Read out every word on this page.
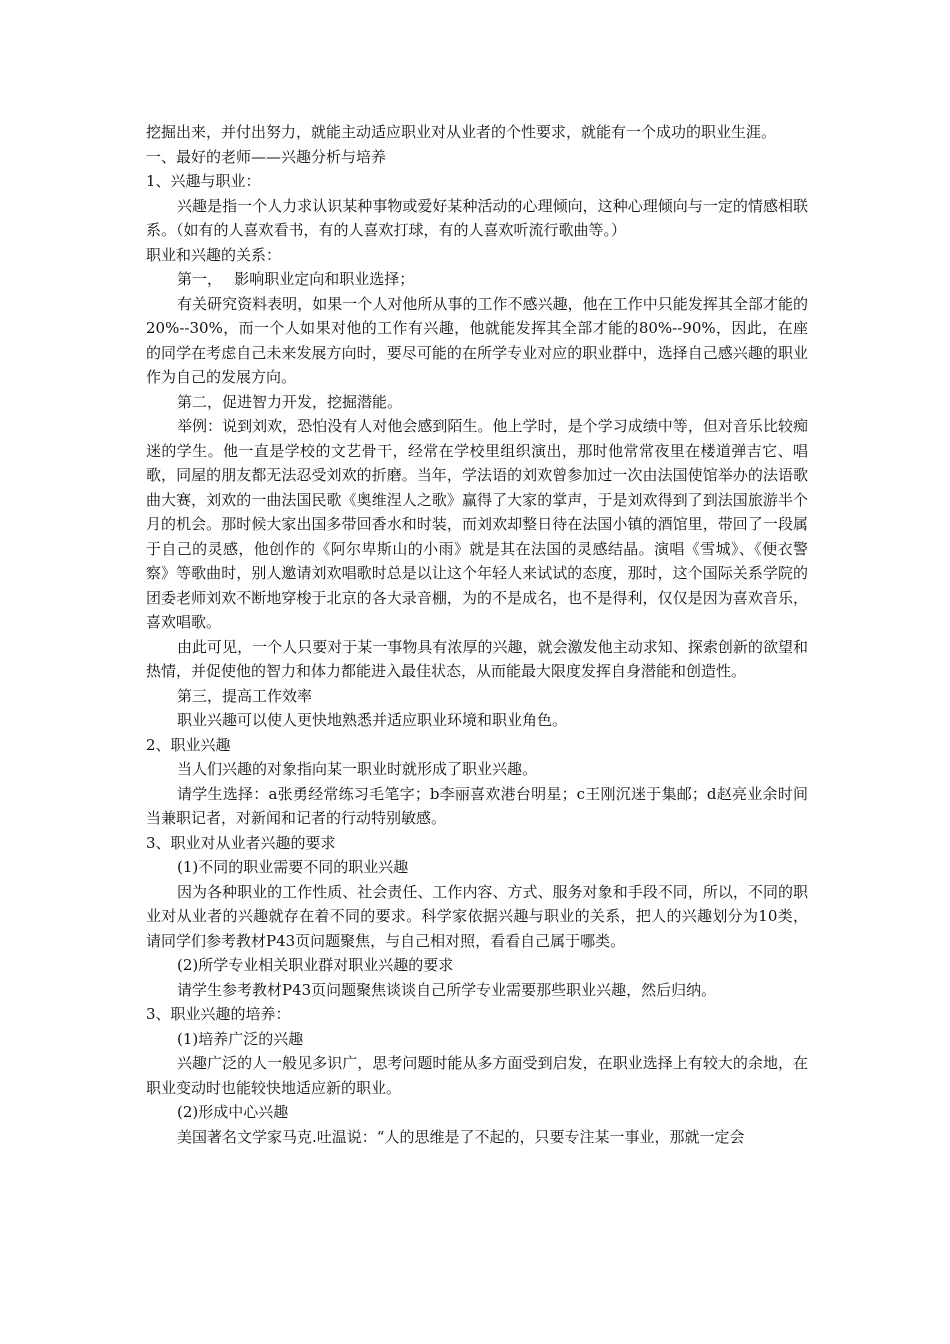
挖掘出来，并付出努力，就能主动适应职业对从业者的个性要求，就能有一个成功的职业生涯。

一、最好的老师——兴趣分析与培养

1、兴趣与职业：

兴趣是指一个人力求认识某种事物或爱好某种活动的心理倾向，这种心理倾向与一定的情感相联系。（如有的人喜欢看书，有的人喜欢打球，有的人喜欢听流行歌曲等。）

职业和兴趣的关系：

第一，　 影响职业定向和职业选择；

有关研究资料表明，如果一个人对他所从事的工作不感兴趣，他在工作中只能发挥其全部才能的20%--30%，而一个人如果对他的工作有兴趣，他就能发挥其全部才能的80%--90%，因此，在座的同学在考虑自己未来发展方向时，要尽可能的在所学专业对应的职业群中，选择自己感兴趣的职业作为自己的发展方向。

第二，促进智力开发，挖掘潜能。

举例：说到刘欢，恐怕没有人对他会感到陌生。他上学时，是个学习成绩中等，但对音乐比较痴迷的学生。他一直是学校的文艺骨干，经常在学校里组织演出，那时他常常夜里在楼道弹吉它、唱歌，同屋的朋友都无法忍受刘欢的折磨。当年，学法语的刘欢曾参加过一次由法国使馆举办的法语歌曲大赛，刘欢的一曲法国民歌《奥维涅人之歌》赢得了大家的掌声，于是刘欢得到了到法国旅游半个月的机会。那时候大家出国多带回香水和时装，而刘欢却整日待在法国小镇的酒馆里，带回了一段属于自己的灵感，他创作的《阿尔卑斯山的小雨》就是其在法国的灵感结晶。演唱《雪城》、《便衣警察》等歌曲时，别人邀请刘欢唱歌时总是以让这个年轻人来试试的态度，那时，这个国际关系学院的团委老师刘欢不断地穿梭于北京的各大录音棚，为的不是成名，也不是得利，仅仅是因为喜欢音乐，喜欢唱歌。

由此可见，一个人只要对于某一事物具有浓厚的兴趣，就会激发他主动求知、探索创新的欲望和热情，并促使他的智力和体力都能进入最佳状态，从而能最大限度发挥自身潜能和创造性。

第三，提高工作效率

职业兴趣可以使人更快地熟悉并适应职业环境和职业角色。

2、职业兴趣

当人们兴趣的对象指向某一职业时就形成了职业兴趣。

请学生选择：a张勇经常练习毛笔字；b李丽喜欢港台明星；c王刚沉迷于集邮；d赵亮业余时间当兼职记者，对新闻和记者的行动特别敏感。

3、职业对从业者兴趣的要求

(1)不同的职业需要不同的职业兴趣

因为各种职业的工作性质、社会责任、工作内容、方式、服务对象和手段不同，所以，不同的职业对从业者的兴趣就存在着不同的要求。科学家依据兴趣与职业的关系，把人的兴趣划分为10类，请同学们参考教材P43页问题聚焦，与自己相对照，看看自己属于哪类。

(2)所学专业相关职业群对职业兴趣的要求

请学生参考教材P43页问题聚焦谈谈自己所学专业需要那些职业兴趣，然后归纳。

3、职业兴趣的培养：

(1)培养广泛的兴趣

兴趣广泛的人一般见多识广，思考问题时能从多方面受到启发，在职业选择上有较大的余地，在职业变动时也能较快地适应新的职业。

(2)形成中心兴趣

美国著名文学家马克.吐温说：“人的思维是了不起的，只要专注某一事业，那就一定会
